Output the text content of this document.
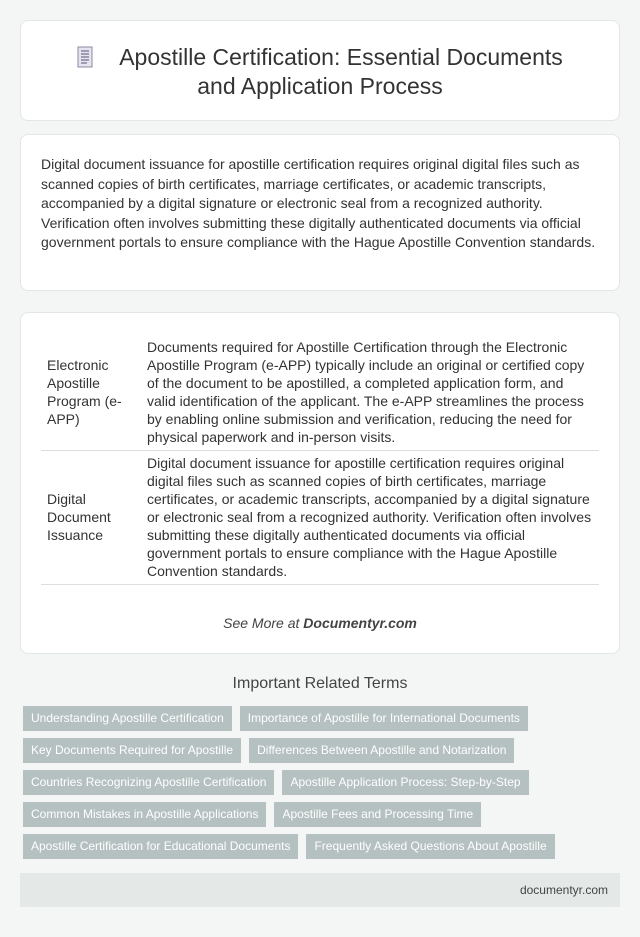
Apostille Certification: Essential Documents
and Application Process

Digital document issuance for apostille certification requires original digital files such as scanned copies of birth certificates, marriage certificates, or academic transcripts, accompanied by a digital signature or electronic seal from a recognized authority. Verification often involves submitting these digitally authenticated documents via official government portals to ensure compliance with the Hague Apostille Convention standards.

Electronic Apostille Program (e-APP)	Documents required for Apostille Certification through the Electronic Apostille Program (e-APP) typically include an original or certified copy of the document to be apostilled, a completed application form, and valid identification of the applicant. The e-APP streamlines the process by enabling online submission and verification, reducing the need for physical paperwork and in-person visits.
Digital Document Issuance	Digital document issuance for apostille certification requires original digital files such as scanned copies of birth certificates, marriage certificates, or academic transcripts, accompanied by a digital signature or electronic seal from a recognized authority. Verification often involves submitting these digitally authenticated documents via official government portals to ensure compliance with the Hague Apostille Convention standards.
See More at Documentyr.com
Important Related Terms
Understanding Apostille Certification	Importance of Apostille for International Documents
Key Documents Required for Apostille	Differences Between Apostille and Notarization
Countries Recognizing Apostille Certification	Apostille Application Process: Step-by-Step
Common Mistakes in Apostille Applications	Apostille Fees and Processing Time
Apostille Certification for Educational Documents	Frequently Asked Questions About Apostille
documentyr.com
